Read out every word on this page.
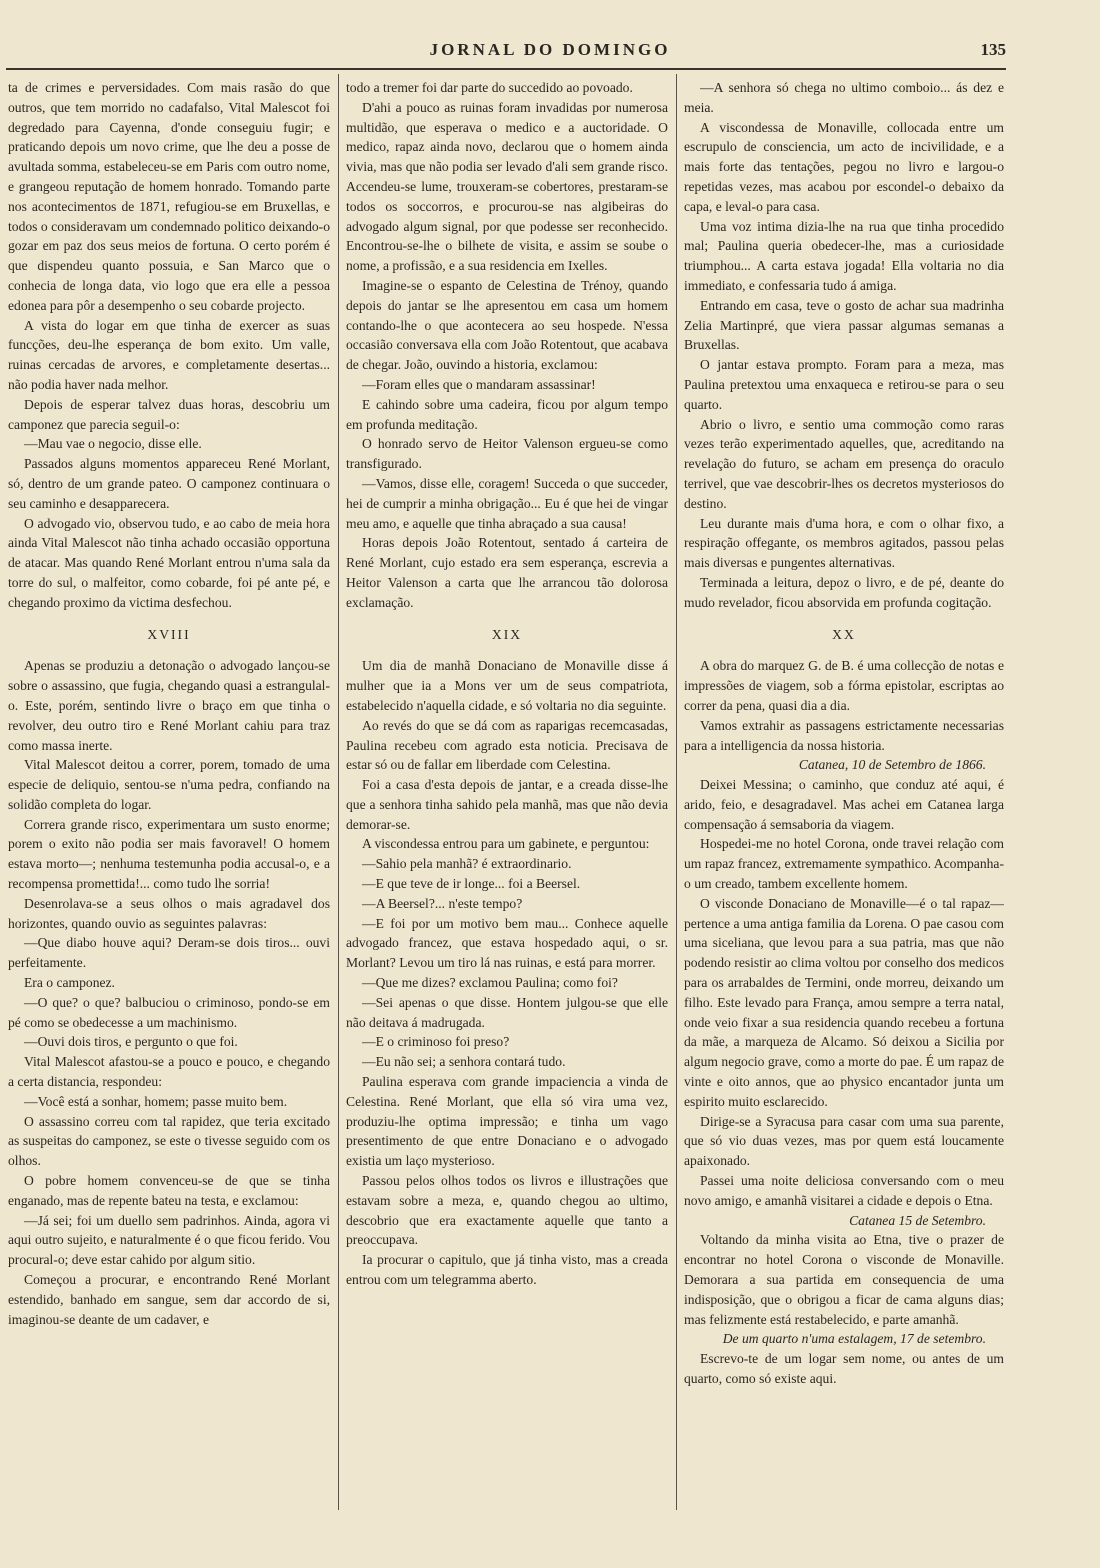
JORNAL DO DOMINGO	135

ta de crimes e perversidades. Com mais rasão do que outros, que tem morrido no cadafalso, Vital Malescot foi degredado para Cayenna, d'onde conseguiu fugir; e praticando depois um novo crime, que lhe deu a posse de avultada somma, estabeleceu-se em Paris com outro nome, e grangeou reputação de homem honrado. Tomando parte nos acontecimentos de 1871, refugiou-se em Bruxellas, e todos o consideravam um condemnado politico deixando-o gozar em paz dos seus meios de fortuna. O certo porém é que dispendeu quanto possuia, e San Marco que o conhecia de longa data, vio logo que era elle a pessoa edonea para pôr a desempenho o seu cobarde projecto.

A vista do logar em que tinha de exercer as suas funcções, deu-lhe esperança de bom exito. Um valle, ruinas cercadas de arvores, e completamente desertas... não podia haver nada melhor.

Depois de esperar talvez duas horas, descobriu um camponez que parecia seguil-o:

—Mau vae o negocio, disse elle.

Passados alguns momentos appareceu René Morlant, só, dentro de um grande pateo. O camponez continuara o seu caminho e desapparecera.

O advogado vio, observou tudo, e ao cabo de meia hora ainda Vital Malescot não tinha achado occasião opportuna de atacar. Mas quando René Morlant entrou n'uma sala da torre do sul, o malfeitor, como cobarde, foi pé ante pé, e chegando proximo da victima desfechou.

XVIII

Apenas se produziu a detonação o advogado lançou-se sobre o assassino, que fugia, chegando quasi a estrangulal-o. Este, porém, sentindo livre o braço em que tinha o revolver, deu outro tiro e René Morlant cahiu para traz como massa inerte.

Vital Malescot deitou a correr, porem, tomado de uma especie de deliquio, sentou-se n'uma pedra, confiando na solidão completa do logar.

Correra grande risco, experimentara um susto enorme; porem o exito não podia ser mais favoravel! O homem estava morto—; nenhuma testemunha podia accusal-o, e a recompensa promettida!... como tudo lhe sorria!

Desenrolava-se a seus olhos o mais agradavel dos horizontes, quando ouvio as seguintes palavras:

—Que diabo houve aqui? Deram-se dois tiros... ouvi perfeitamente.

Era o camponez.

—O que? o que? balbuciou o criminoso, pondo-se em pé como se obedecesse a um machinismo.

—Ouvi dois tiros, e pergunto o que foi.

Vital Malescot afastou-se a pouco e pouco, e chegando a certa distancia, respondeu:

—Você está a sonhar, homem; passe muito bem.

O assassino correu com tal rapidez, que teria excitado as suspeitas do camponez, se este o tivesse seguido com os olhos.

O pobre homem convenceu-se de que se tinha enganado, mas de repente bateu na testa, e exclamou:

—Já sei; foi um duello sem padrinhos. Ainda, agora vi aqui outro sujeito, e naturalmente é o que ficou ferido. Vou procural-o; deve estar cahido por algum sitio.

Começou a procurar, e encontrando René Morlant estendido, banhado em sangue, sem dar accordo de si, imaginou-se deante de um cadaver, e

todo a tremer foi dar parte do succedido ao povoado.

D'ahi a pouco as ruinas foram invadidas por numerosa multidão, que esperava o medico e a auctoridade. O medico, rapaz ainda novo, declarou que o homem ainda vivia, mas que não podia ser levado d'ali sem grande risco. Accendeu-se lume, trouxeram-se cobertores, prestaram-se todos os soccorros, e procurou-se nas algibeiras do advogado algum signal, por que podesse ser reconhecido. Encontrou-se-lhe o bilhete de visita, e assim se soube o nome, a profissão, e a sua residencia em Ixelles.

Imagine-se o espanto de Celestina de Trénoy, quando depois do jantar se lhe apresentou em casa um homem contando-lhe o que acontecera ao seu hospede. N'essa occasião conversava ella com João Rotentout, que acabava de chegar. João, ouvindo a historia, exclamou:

—Foram elles que o mandaram assassinar!

E cahindo sobre uma cadeira, ficou por algum tempo em profunda meditação.

O honrado servo de Heitor Valenson ergueu-se como transfigurado.

—Vamos, disse elle, coragem! Succeda o que succeder, hei de cumprir a minha obrigação... Eu é que hei de vingar meu amo, e aquelle que tinha abraçado a sua causa!

Horas depois João Rotentout, sentado á carteira de René Morlant, cujo estado era sem esperança, escrevia a Heitor Valenson a carta que lhe arrancou tão dolorosa exclamação.

XIX

Um dia de manhã Donaciano de Monaville disse á mulher que ia a Mons ver um de seus compatriota, estabelecido n'aquella cidade, e só voltaria no dia seguinte.

Ao revés do que se dá com as raparigas recemcasadas, Paulina recebeu com agrado esta noticia. Precisava de estar só ou de fallar em liberdade com Celestina.

Foi a casa d'esta depois de jantar, e a creada disse-lhe que a senhora tinha sahido pela manhã, mas que não devia demorar-se.

A viscondessa entrou para um gabinete, e perguntou:

—Sahio pela manhã? é extraordinario.

—E que teve de ir longe... foi a Beersel.

—A Beersel?... n'este tempo?

—E foi por um motivo bem mau... Conhece aquelle advogado francez, que estava hospedado aqui, o sr. Morlant? Levou um tiro lá nas ruinas, e está para morrer.

—Que me dizes? exclamou Paulina; como foi?

—Sei apenas o que disse. Hontem julgou-se que elle não deitava á madrugada.

—E o criminoso foi preso?

—Eu não sei; a senhora contará tudo.

Paulina esperava com grande impaciencia a vinda de Celestina. René Morlant, que ella só vira uma vez, produziu-lhe optima impressão; e tinha um vago presentimento de que entre Donaciano e o advogado existia um laço mysterioso.

Passou pelos olhos todos os livros e illustrações que estavam sobre a meza, e, quando chegou ao ultimo, descobrio que era exactamente aquelle que tanto a preoccupava.

Ia procurar o capitulo, que já tinha visto, mas a creada entrou com um telegramma aberto.

—A senhora só chega no ultimo comboio... ás dez e meia.

A viscondessa de Monaville, collocada entre um escrupulo de consciencia, um acto de incivilidade, e a mais forte das tentações, pegou no livro e largou-o repetidas vezes, mas acabou por escondel-o debaixo da capa, e leval-o para casa.

Uma voz intima dizia-lhe na rua que tinha procedido mal; Paulina queria obedecer-lhe, mas a curiosidade triumphou... A carta estava jogada! Ella voltaria no dia immediato, e confessaria tudo á amiga.

Entrando em casa, teve o gosto de achar sua madrinha Zelia Martinpré, que viera passar algumas semanas a Bruxellas.

O jantar estava prompto. Foram para a meza, mas Paulina pretextou uma enxaqueca e retirou-se para o seu quarto.

Abrio o livro, e sentio uma commoção como raras vezes terão experimentado aquelles, que, acreditando na revelação do futuro, se acham em presença do oraculo terrivel, que vae descobrir-lhes os decretos mysteriosos do destino.

Leu durante mais d'uma hora, e com o olhar fixo, a respiração offegante, os membros agitados, passou pelas mais diversas e pungentes alternativas.

Terminada a leitura, depoz o livro, e de pé, deante do mudo revelador, ficou absorvida em profunda cogitação.

XX

A obra do marquez G. de B. é uma collecção de notas e impressões de viagem, sob a fórma epistolar, escriptas ao correr da pena, quasi dia a dia.

Vamos extrahir as passagens estrictamente necessarias para a intelligencia da nossa historia.

Catanea, 10 de Setembro de 1866.

Deixei Messina; o caminho, que conduz até aqui, é arido, feio, e desagradavel. Mas achei em Catanea larga compensação á semsaboria da viagem.

Hospedei-me no hotel Corona, onde travei relação com um rapaz francez, extremamente sympathico. Acompanha-o um creado, tambem excellente homem.

O visconde Donaciano de Monaville—é o tal rapaz—pertence a uma antiga familia da Lorena. O pae casou com uma siceliana, que levou para a sua patria, mas que não podendo resistir ao clima voltou por conselho dos medicos para os arrabaldes de Termini, onde morreu, deixando um filho. Este levado para França, amou sempre a terra natal, onde veio fixar a sua residencia quando recebeu a fortuna da mãe, a marqueza de Alcamo. Só deixou a Sicilia por algum negocio grave, como a morte do pae. É um rapaz de vinte e oito annos, que ao physico encantador junta um espirito muito esclarecido.

Dirige-se a Syracusa para casar com uma sua parente, que só vio duas vezes, mas por quem está loucamente apaixonado.

Passei uma noite deliciosa conversando com o meu novo amigo, e amanhã visitarei a cidade e depois o Etna.

Catanea 15 de Setembro.

Voltando da minha visita ao Etna, tive o prazer de encontrar no hotel Corona o visconde de Monaville. Demorara a sua partida em consequencia de uma indisposição, que o obrigou a ficar de cama alguns dias; mas felizmente está restabelecido, e parte amanhã.

De um quarto n'uma estalagem, 17 de setembro.

Escrevo-te de um logar sem nome, ou antes de um quarto, como só existe aqui.
